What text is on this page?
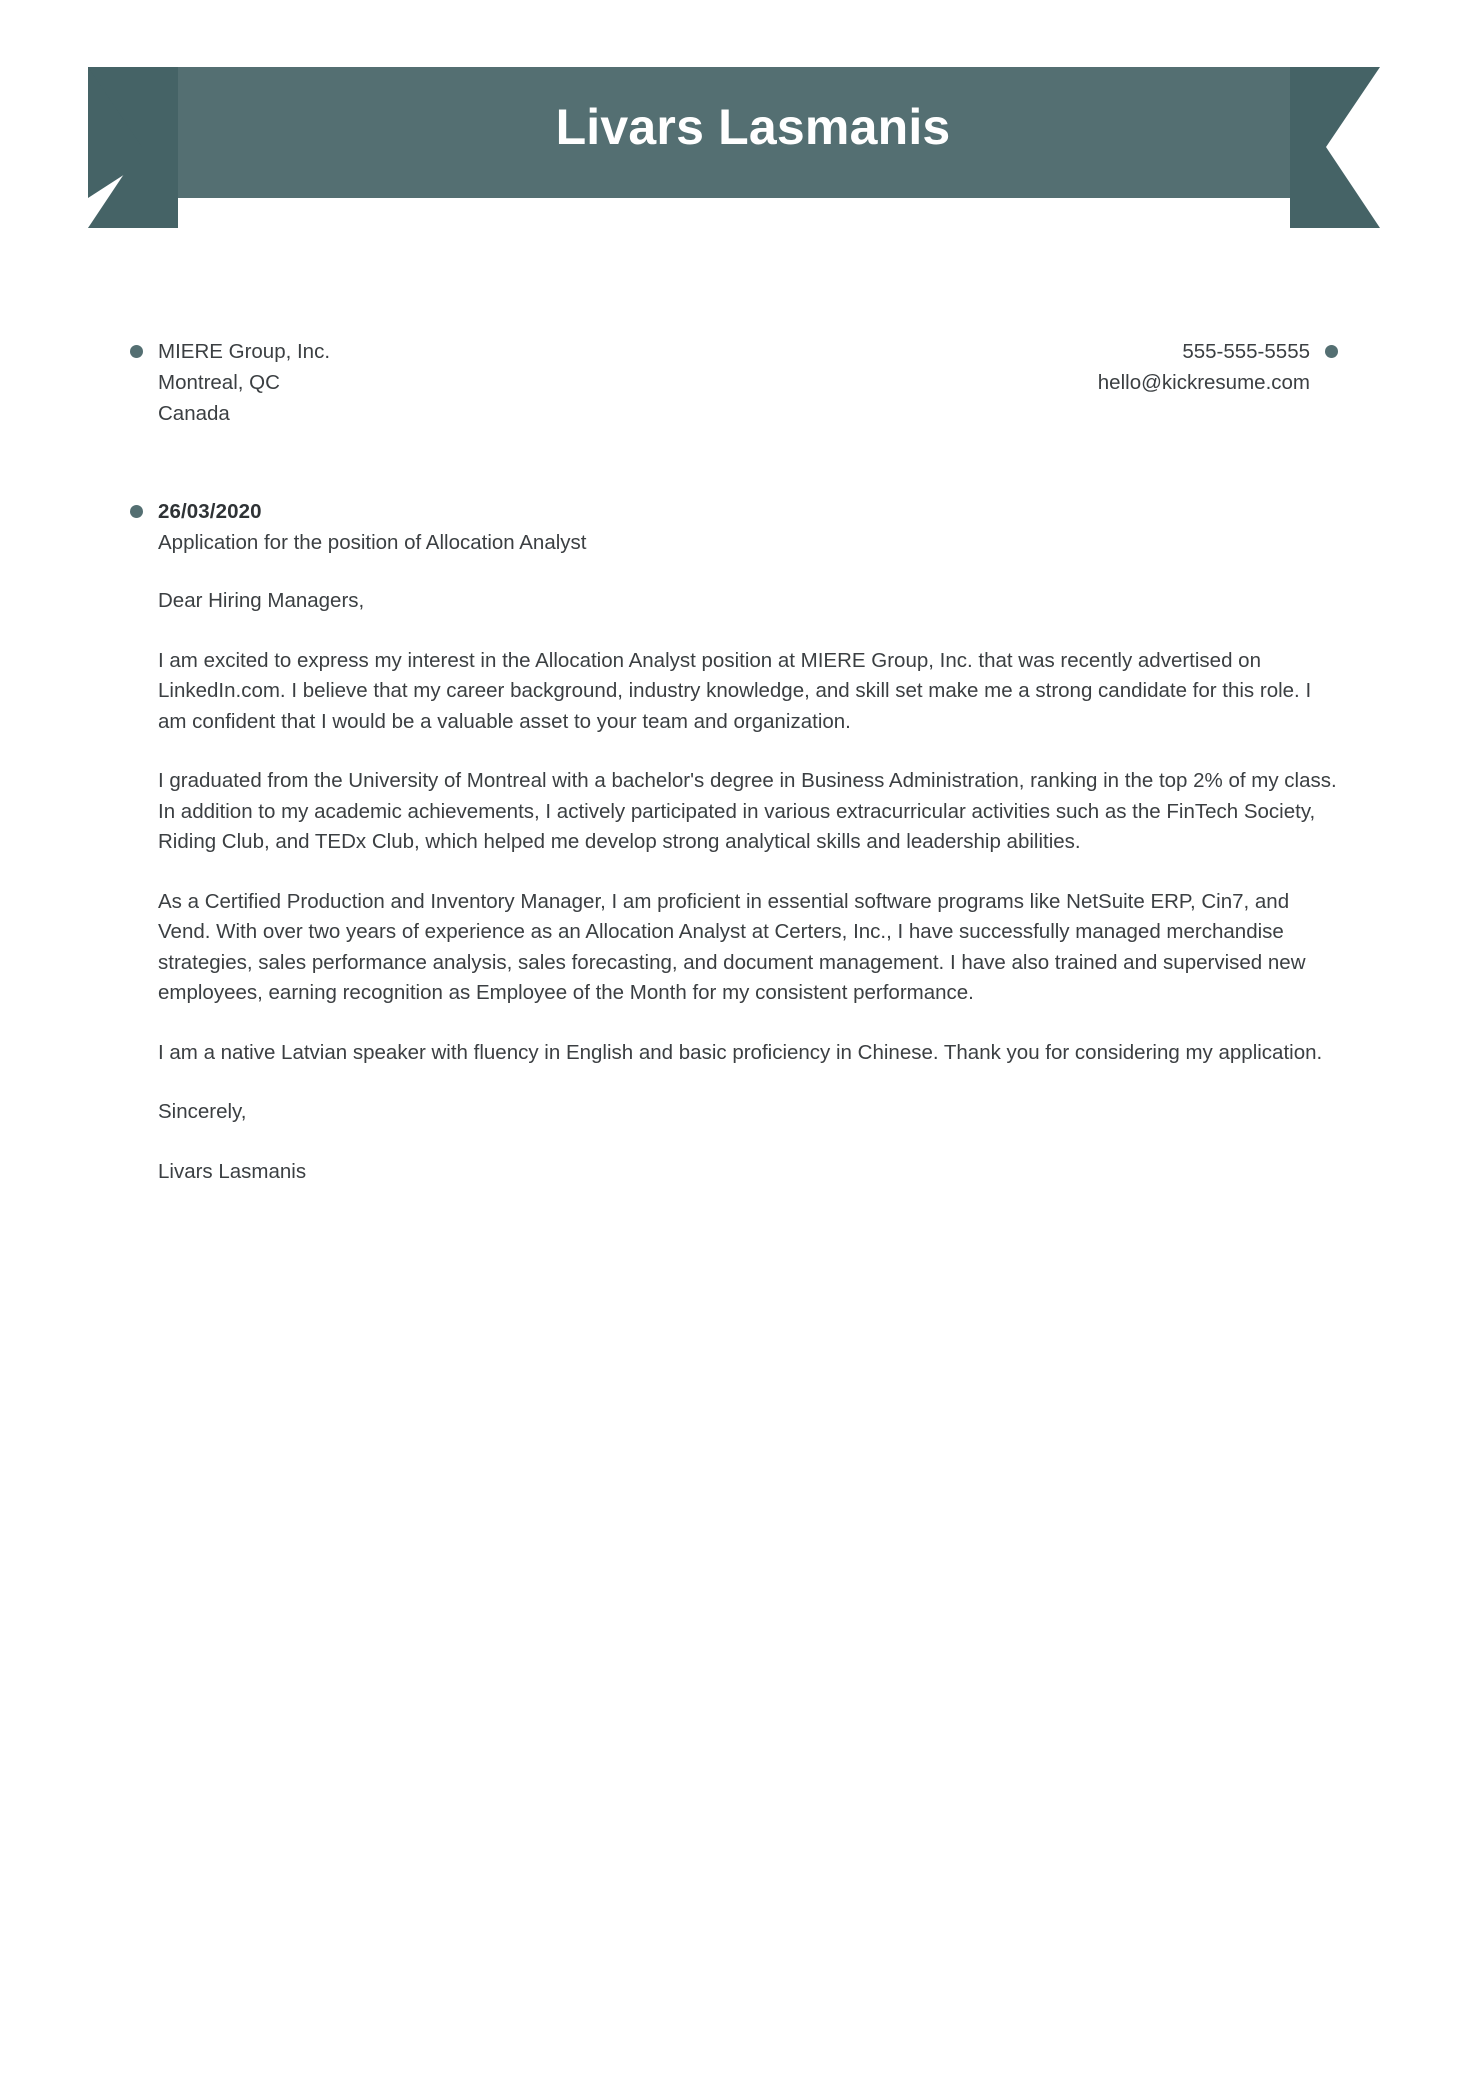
Livars Lasmanis
MIERE Group, Inc.
Montreal, QC
Canada
555-555-5555
hello@kickresume.com
26/03/2020
Application for the position of Allocation Analyst

Dear Hiring Managers,

I am excited to express my interest in the Allocation Analyst position at MIERE Group, Inc. that was recently advertised on LinkedIn.com. I believe that my career background, industry knowledge, and skill set make me a strong candidate for this role. I am confident that I would be a valuable asset to your team and organization.

I graduated from the University of Montreal with a bachelor's degree in Business Administration, ranking in the top 2% of my class. In addition to my academic achievements, I actively participated in various extracurricular activities such as the FinTech Society, Riding Club, and TEDx Club, which helped me develop strong analytical skills and leadership abilities.

As a Certified Production and Inventory Manager, I am proficient in essential software programs like NetSuite ERP, Cin7, and Vend. With over two years of experience as an Allocation Analyst at Certers, Inc., I have successfully managed merchandise strategies, sales performance analysis, sales forecasting, and document management. I have also trained and supervised new employees, earning recognition as Employee of the Month for my consistent performance.

I am a native Latvian speaker with fluency in English and basic proficiency in Chinese. Thank you for considering my application.

Sincerely,

Livars Lasmanis
